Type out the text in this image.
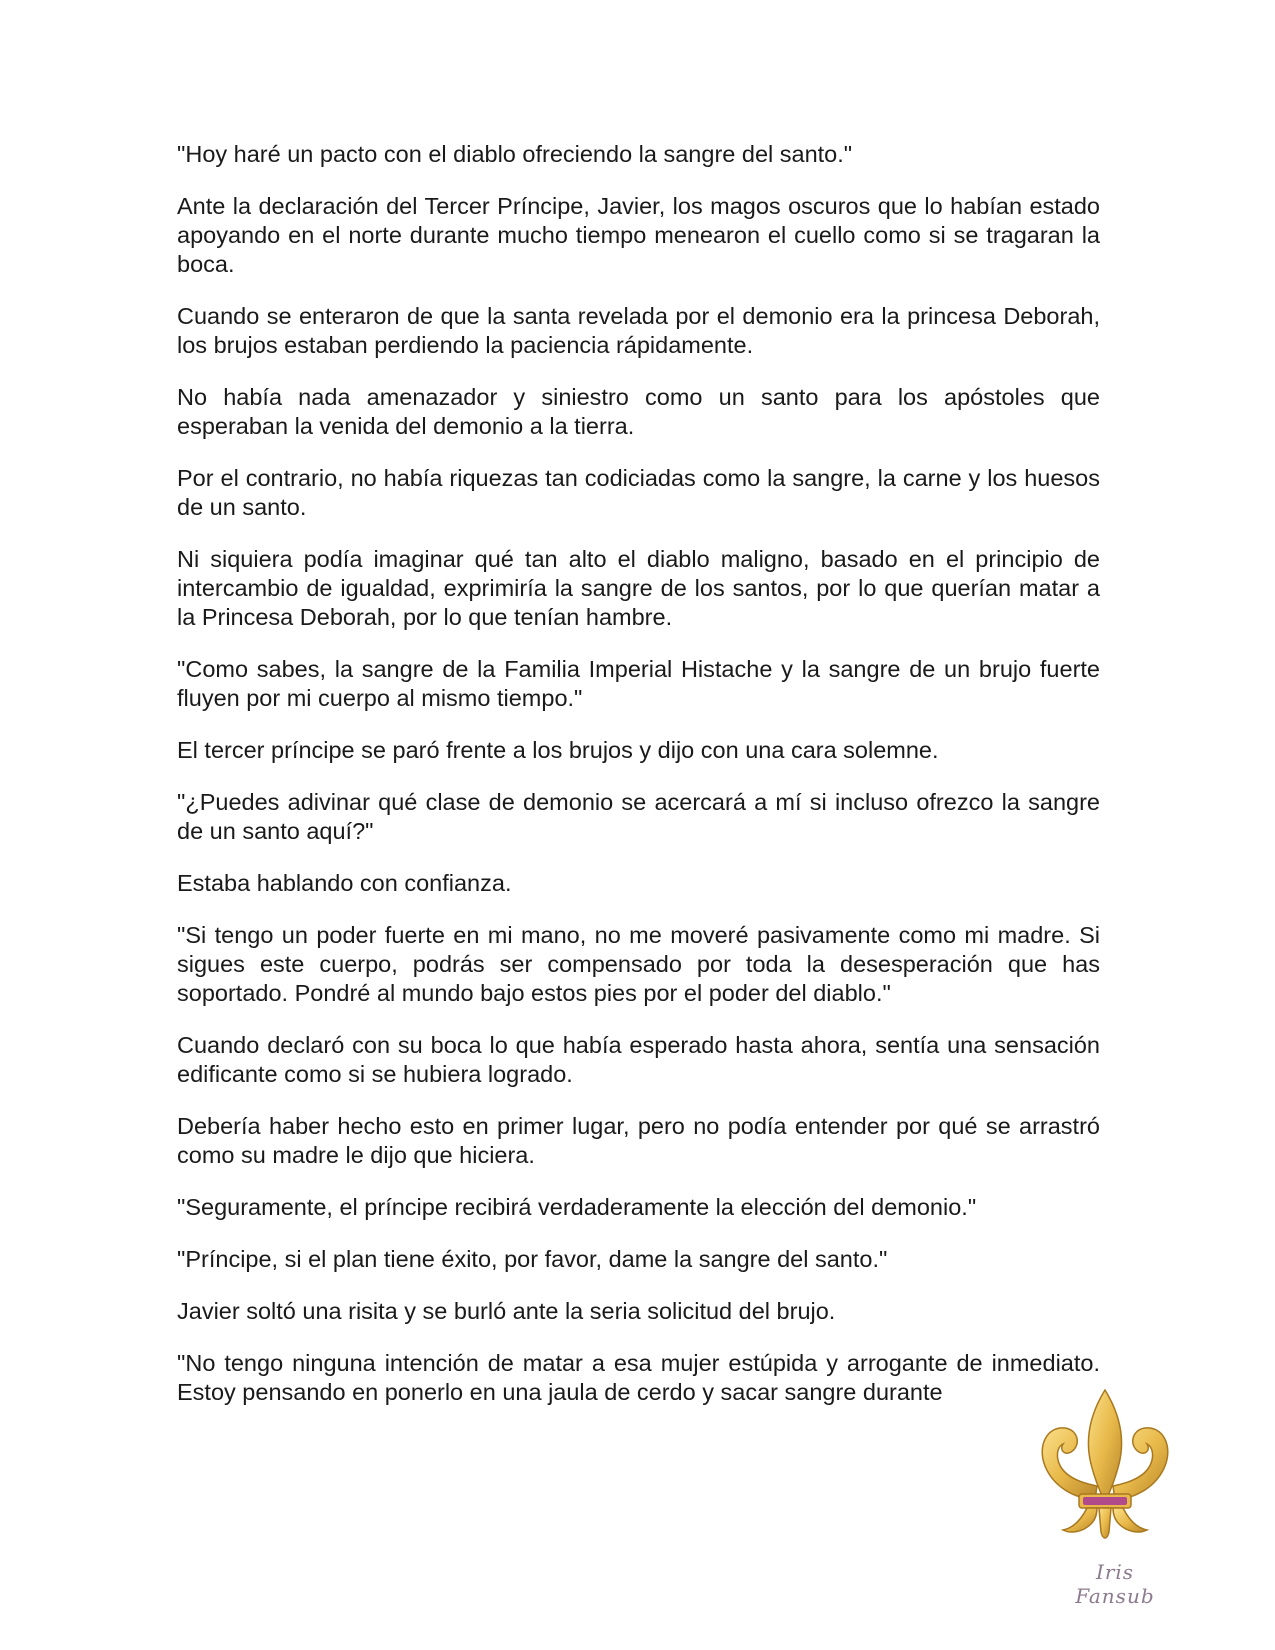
"Hoy haré un pacto con el diablo ofreciendo la sangre del santo."

Ante la declaración del Tercer Príncipe, Javier, los magos oscuros que lo habían estado apoyando en el norte durante mucho tiempo menearon el cuello como si se tragaran la boca.

Cuando se enteraron de que la santa revelada por el demonio era la princesa Deborah, los brujos estaban perdiendo la paciencia rápidamente.

No había nada amenazador y siniestro como un santo para los apóstoles que esperaban la venida del demonio a la tierra.

Por el contrario, no había riquezas tan codiciadas como la sangre, la carne y los huesos de un santo.

Ni siquiera podía imaginar qué tan alto el diablo maligno, basado en el principio de intercambio de igualdad, exprimiría la sangre de los santos, por lo que querían matar a la Princesa Deborah, por lo que tenían hambre.

"Como sabes, la sangre de la Familia Imperial Histache y la sangre de un brujo fuerte fluyen por mi cuerpo al mismo tiempo."

El tercer príncipe se paró frente a los brujos y dijo con una cara solemne.

"¿Puedes adivinar qué clase de demonio se acercará a mí si incluso ofrezco la sangre de un santo aquí?"

Estaba hablando con confianza.

"Si tengo un poder fuerte en mi mano, no me moveré pasivamente como mi madre. Si sigues este cuerpo, podrás ser compensado por toda la desesperación que has soportado. Pondré al mundo bajo estos pies por el poder del diablo."

Cuando declaró con su boca lo que había esperado hasta ahora, sentía una sensación edificante como si se hubiera logrado.

Debería haber hecho esto en primer lugar, pero no podía entender por qué se arrastró como su madre le dijo que hiciera.

"Seguramente, el príncipe recibirá verdaderamente la elección del demonio."

"Príncipe, si el plan tiene éxito, por favor, dame la sangre del santo."

Javier soltó una risita y se burló ante la seria solicitud del brujo.

"No tengo ninguna intención de matar a esa mujer estúpida y arrogante de inmediato. Estoy pensando en ponerlo en una jaula de cerdo y sacar sangre durante

Iris Fansub
